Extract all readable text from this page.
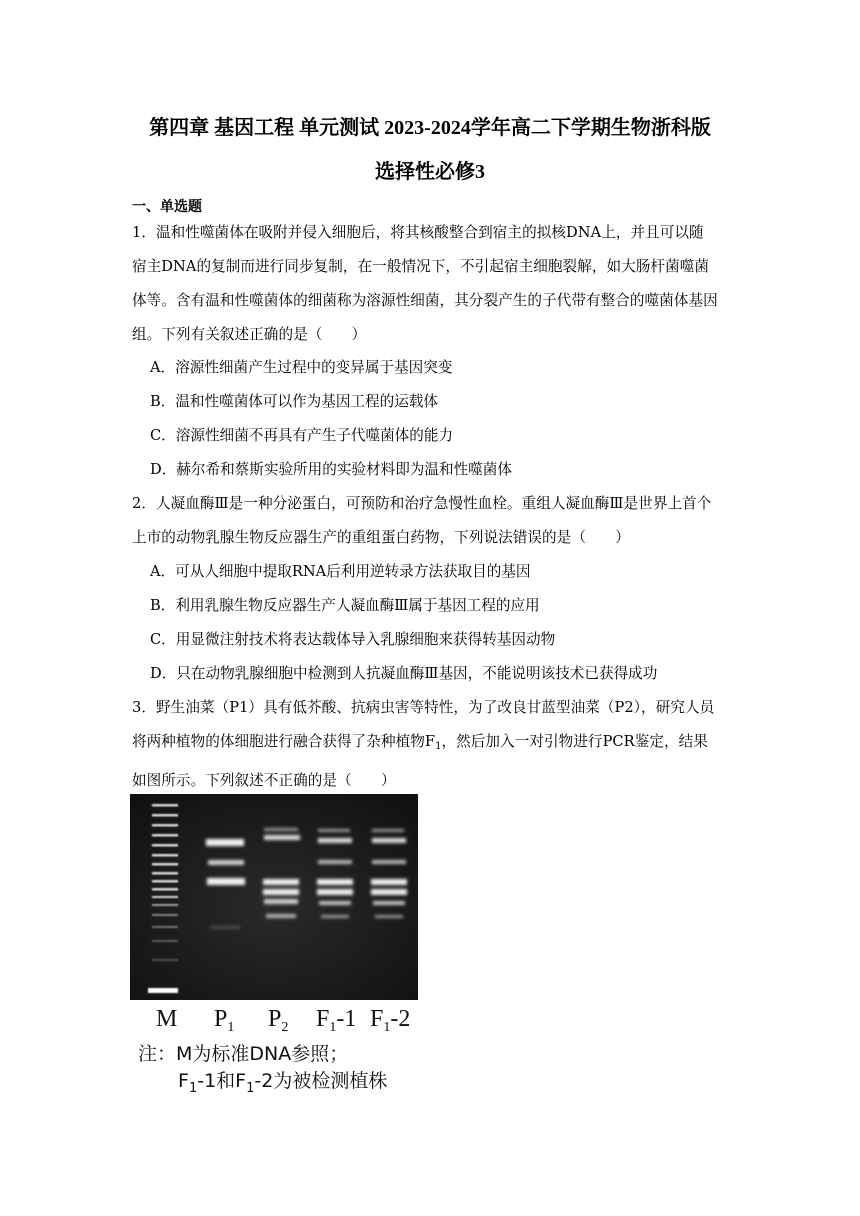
第四章 基因工程 单元测试 2023-2024学年高二下学期生物浙科版
选择性必修3
一、单选题
1．温和性噬菌体在吸附并侵入细胞后，将其核酸整合到宿主的拟核DNA上，并且可以随
宿主DNA的复制而进行同步复制，在一般情况下，不引起宿主细胞裂解，如大肠杆菌噬菌
体等。含有温和性噬菌体的细菌称为溶源性细菌，其分裂产生的子代带有整合的噬菌体基因
组。下列有关叙述正确的是（　　）
A．溶源性细菌产生过程中的变异属于基因突变
B．温和性噬菌体可以作为基因工程的运载体
C．溶源性细菌不再具有产生子代噬菌体的能力
D．赫尔希和蔡斯实验所用的实验材料即为温和性噬菌体
2．人凝血酶Ⅲ是一种分泌蛋白，可预防和治疗急慢性血栓。重组人凝血酶Ⅲ是世界上首个
上市的动物乳腺生物反应器生产的重组蛋白药物，下列说法错误的是（　　）
A．可从人细胞中提取RNA后利用逆转录方法获取目的基因
B．利用乳腺生物反应器生产人凝血酶Ⅲ属于基因工程的应用
C．用显微注射技术将表达载体导入乳腺细胞来获得转基因动物
D．只在动物乳腺细胞中检测到人抗凝血酶Ⅲ基因，不能说明该技术已获得成功
3．野生油菜（P1）具有低芥酸、抗病虫害等特性，为了改良甘蓝型油菜（P2），研究人员
将两种植物的体细胞进行融合获得了杂种植物$F_1$，然后加入一对引物进行PCR鉴定，结果
如图所示。下列叙述不正确的是（　　）
M $P_1$ $P_2$ $F_1-1$ $F_1-2$
注：M为标准DNA参照；
$F_1-1$和$F_1-2$为被检测植株
